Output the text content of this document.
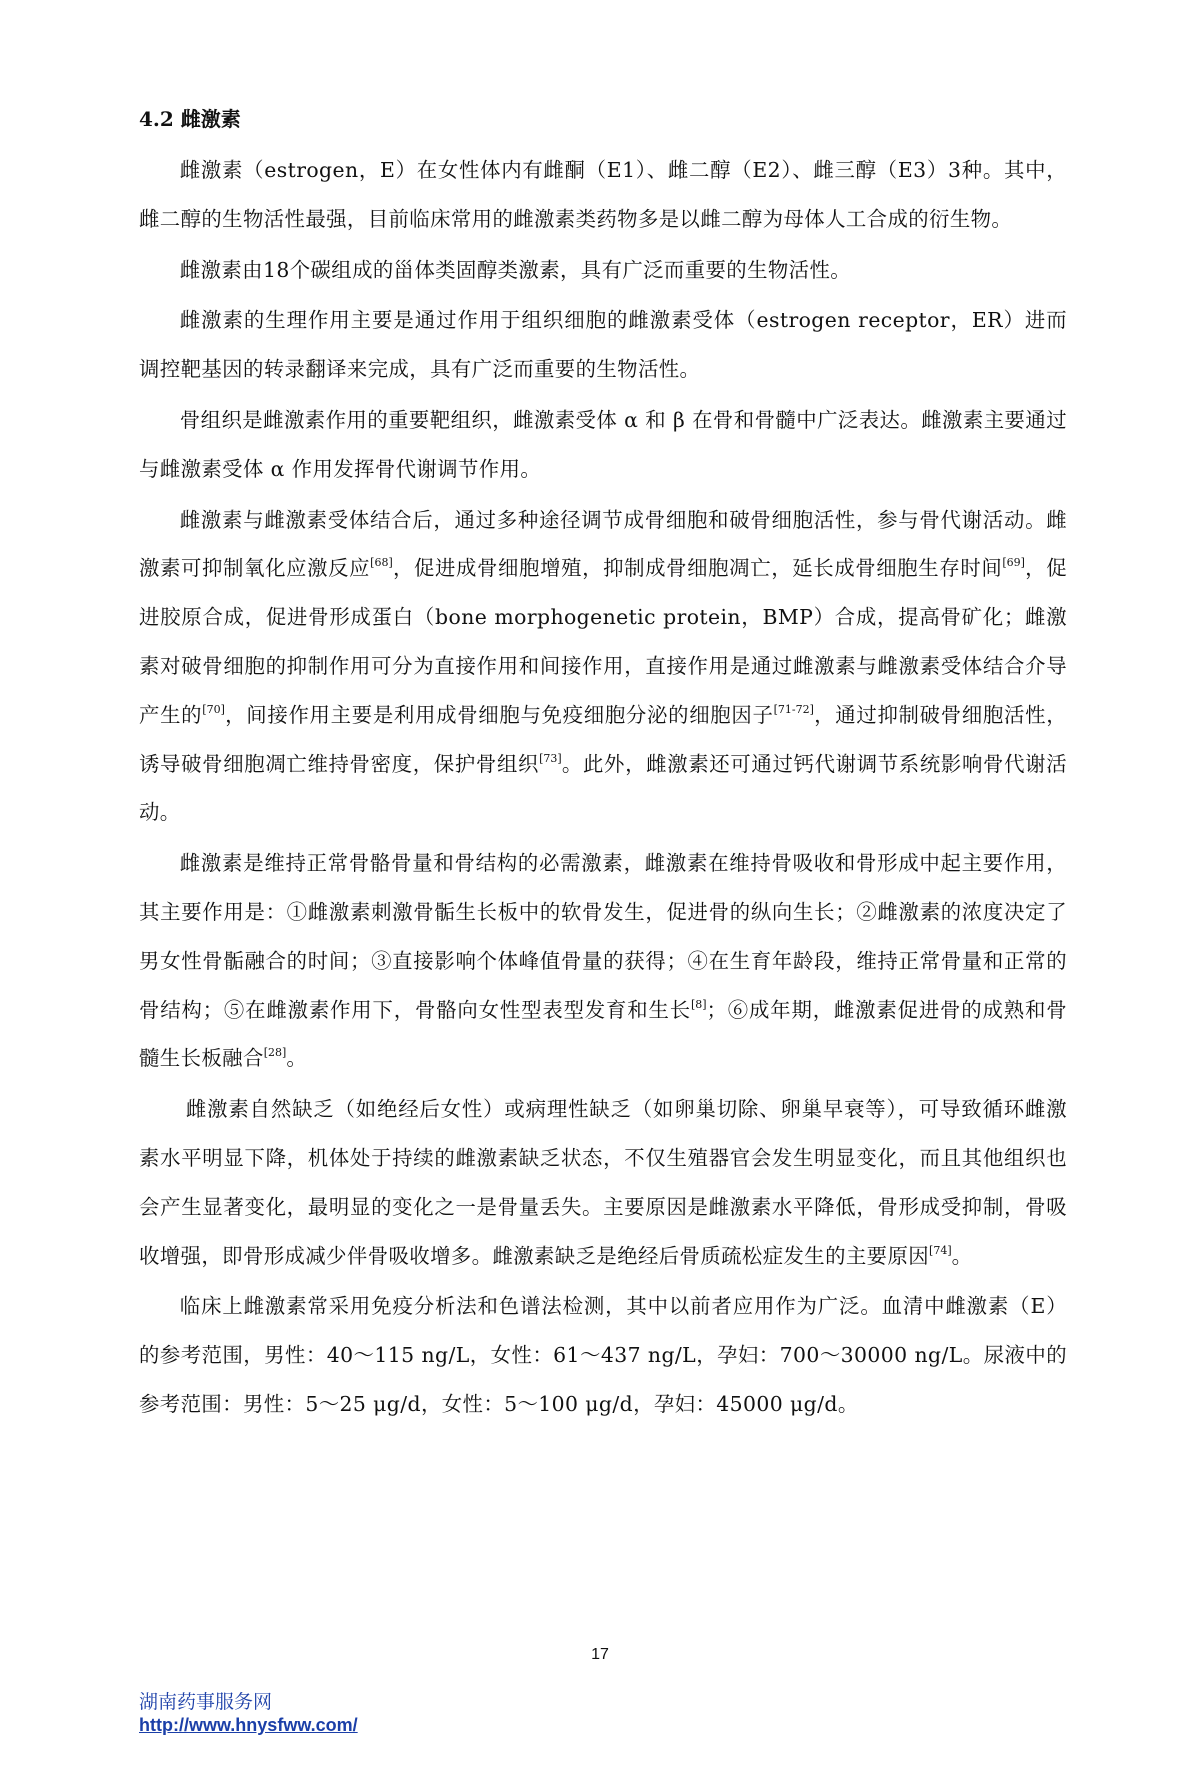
4.2 雌激素

雌激素（estrogen，E）在女性体内有雌酮（E1）、雌二醇（E2）、雌三醇（E3）3种。其中，雌二醇的生物活性最强，目前临床常用的雌激素类药物多是以雌二醇为母体人工合成的衍生物。

雌激素由18个碳组成的甾体类固醇类激素，具有广泛而重要的生物活性。

雌激素的生理作用主要是通过作用于组织细胞的雌激素受体（estrogen receptor，ER）进而调控靶基因的转录翻译来完成，具有广泛而重要的生物活性。

骨组织是雌激素作用的重要靶组织，雌激素受体 α 和 β 在骨和骨髓中广泛表达。雌激素主要通过与雌激素受体 α 作用发挥骨代谢调节作用。

雌激素与雌激素受体结合后，通过多种途径调节成骨细胞和破骨细胞活性，参与骨代谢活动。雌激素可抑制氧化应激反应[68]，促进成骨细胞增殖，抑制成骨细胞凋亡，延长成骨细胞生存时间[69]，促进胶原合成，促进骨形成蛋白（bone morphogenetic protein，BMP）合成，提高骨矿化；雌激素对破骨细胞的抑制作用可分为直接作用和间接作用，直接作用是通过雌激素与雌激素受体结合介导产生的[70]，间接作用主要是利用成骨细胞与免疫细胞分泌的细胞因子[71-72]，通过抑制破骨细胞活性，诱导破骨细胞凋亡维持骨密度，保护骨组织[73]。此外，雌激素还可通过钙代谢调节系统影响骨代谢活动。

雌激素是维持正常骨骼骨量和骨结构的必需激素，雌激素在维持骨吸收和骨形成中起主要作用，其主要作用是：①雌激素刺激骨骺生长板中的软骨发生，促进骨的纵向生长；②雌激素的浓度决定了男女性骨骺融合的时间；③直接影响个体峰值骨量的获得；④在生育年龄段，维持正常骨量和正常的骨结构；⑤在雌激素作用下，骨骼向女性型表型发育和生长[8]；⑥成年期，雌激素促进骨的成熟和骨髓生长板融合[28]。

雌激素自然缺乏（如绝经后女性）或病理性缺乏（如卵巢切除、卵巢早衰等），可导致循环雌激素水平明显下降，机体处于持续的雌激素缺乏状态，不仅生殖器官会发生明显变化，而且其他组织也会产生显著变化，最明显的变化之一是骨量丢失。主要原因是雌激素水平降低，骨形成受抑制，骨吸收增强，即骨形成减少伴骨吸收增多。雌激素缺乏是绝经后骨质疏松症发生的主要原因[74]。

临床上雌激素常采用免疫分析法和色谱法检测，其中以前者应用作为广泛。血清中雌激素（E）的参考范围，男性：40～115 ng/L，女性：61～437 ng/L，孕妇：700～30000 ng/L。尿液中的参考范围：男性：5～25 μg/d，女性：5～100 μg/d，孕妇：45000 μg/d。

17
湖南药事服务网
http://www.hnysfww.com/
